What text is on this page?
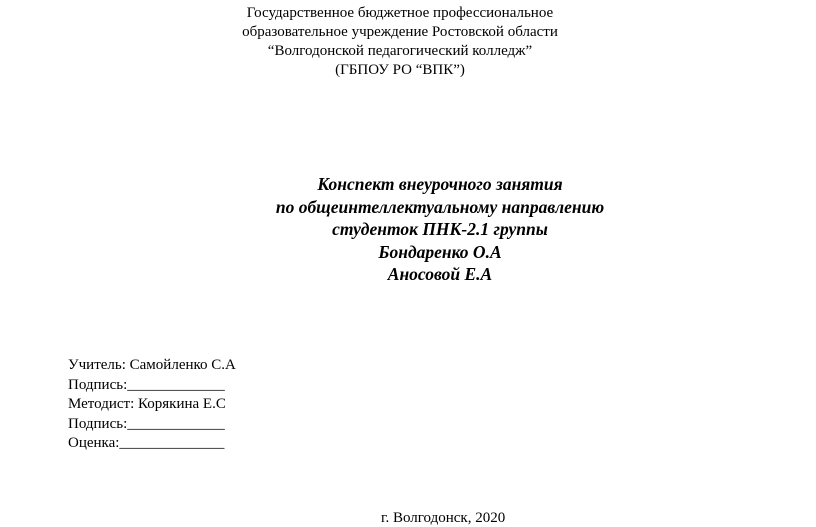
Государственное бюджетное профессиональное
образовательное учреждение Ростовской области
“Волгодонской педагогический колледж”
(ГБПОУ РО “ВПК”)
Конспект внеурочного занятия
по общеинтеллектуальному направлению
студенток ПНК-2.1 группы
Бондаренко О.А
Аносовой Е.А
Учитель: Самойленко С.А
Подпись:_____________
Методист: Корякина Е.С
Подпись:_____________
Оценка:______________
г. Волгодонск, 2020
